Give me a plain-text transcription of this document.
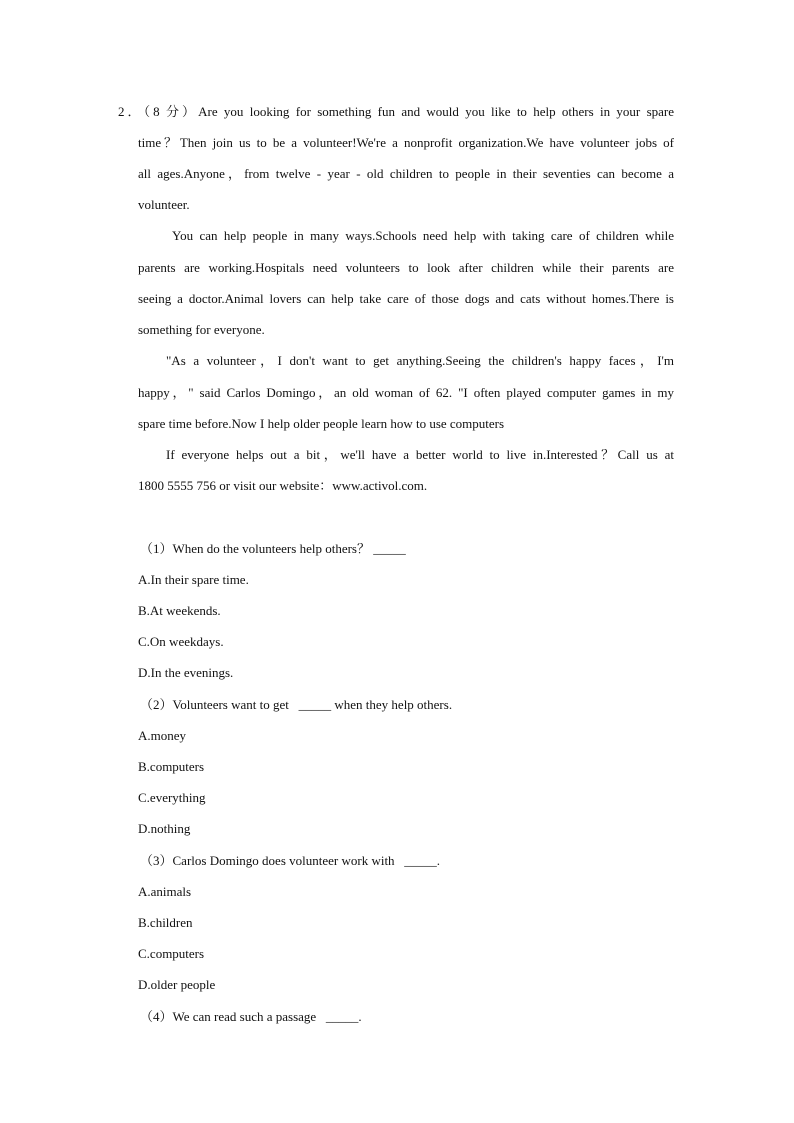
2．（8 分）Are you looking for something fun and would you like to help others in your spare
time？Then join us to be a volunteer!We're a nonprofit organization.We have volunteer jobs of
all ages.Anyone，from twelve - year - old children to people in their seventies can become a
volunteer.
You can help people in many ways.Schools need help with taking care of children while
parents are working.Hospitals need volunteers to look after children while their parents are
seeing a doctor.Animal lovers can help take care of those dogs and cats without homes.There is
something for everyone.
"As a volunteer，I don't want to get anything.Seeing the children's happy faces，I'm
happy，" said Carlos Domingo，an old woman of 62. "I often played computer games in my
spare time before.Now I help older people learn how to use computers
If everyone helps out a bit，we'll have a better world to live in.Interested？Call us at
1800 5555 756 or visit our website：www.activol.com.
（1）When do the volunteers help others？ _____
A.In their spare time.
B.At weekends.
C.On weekdays.
D.In the evenings.
（2）Volunteers want to get   _____ when they help others.
A.money
B.computers
C.everything
D.nothing
（3）Carlos Domingo does volunteer work with   _____.
A.animals
B.children
C.computers
D.older people
（4）We can read such a passage   _____.
